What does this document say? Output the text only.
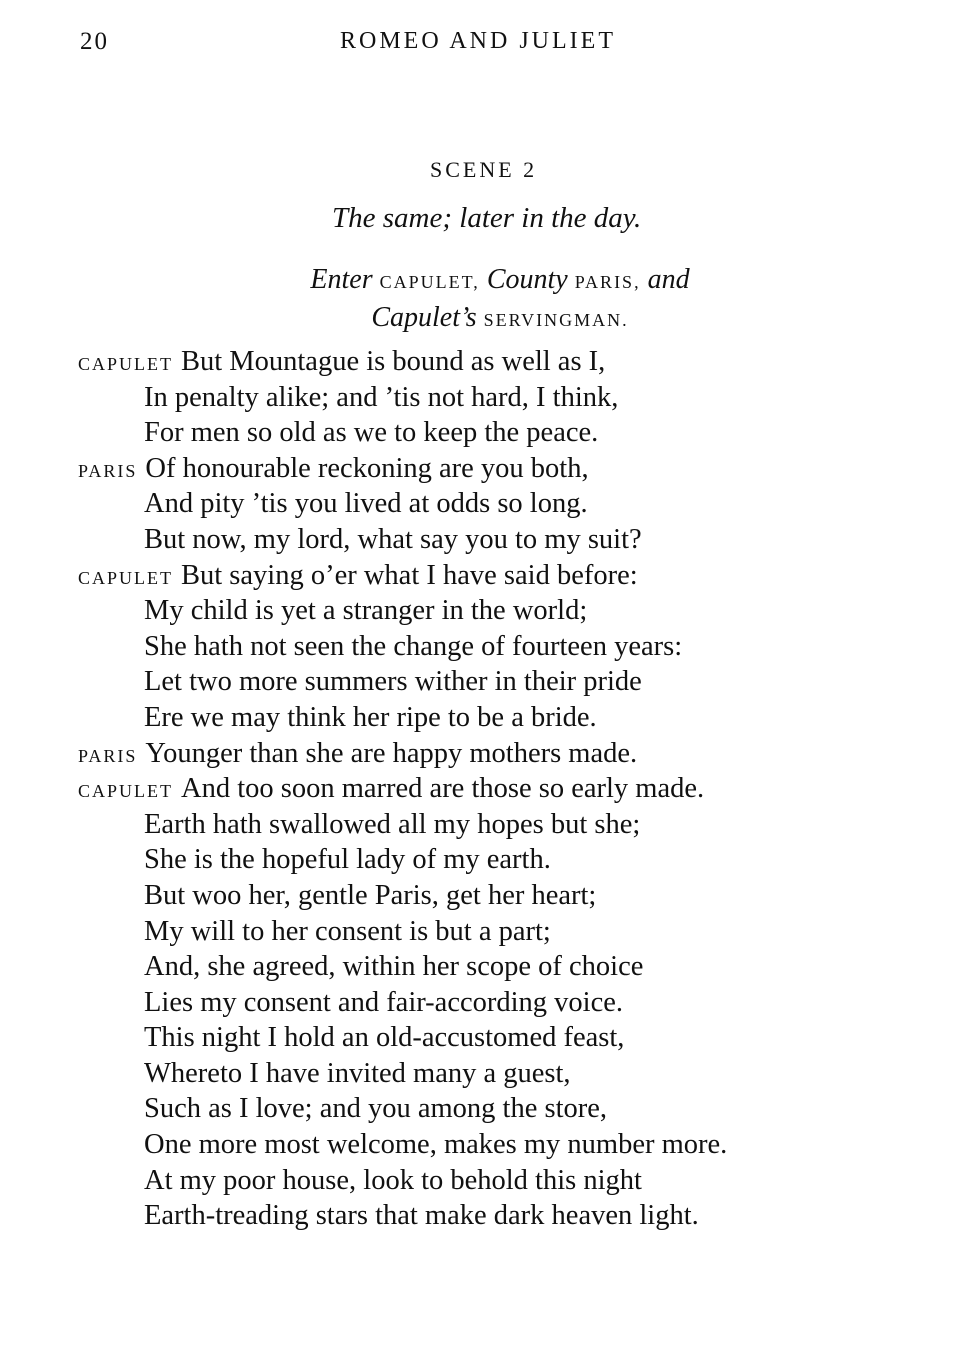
20	ROMEO AND JULIET
SCENE 2
The same; later in the day.
Enter CAPULET, County PARIS, and
Capulet’s SERVINGMAN.
CAPULET But Mountague is bound as well as I,
In penalty alike; and ’tis not hard, I think,
For men so old as we to keep the peace.
PARIS Of honourable reckoning are you both,
And pity ’tis you lived at odds so long.
But now, my lord, what say you to my suit?
CAPULET But saying o’er what I have said before:
My child is yet a stranger in the world;
She hath not seen the change of fourteen years:
Let two more summers wither in their pride
Ere we may think her ripe to be a bride.
PARIS Younger than she are happy mothers made.
CAPULET And too soon marred are those so early made.
Earth hath swallowed all my hopes but she;
She is the hopeful lady of my earth.
But woo her, gentle Paris, get her heart;
My will to her consent is but a part;
And, she agreed, within her scope of choice
Lies my consent and fair-according voice.
This night I hold an old-accustomed feast,
Whereto I have invited many a guest,
Such as I love; and you among the store,
One more most welcome, makes my number more.
At my poor house, look to behold this night
Earth-treading stars that make dark heaven light.
